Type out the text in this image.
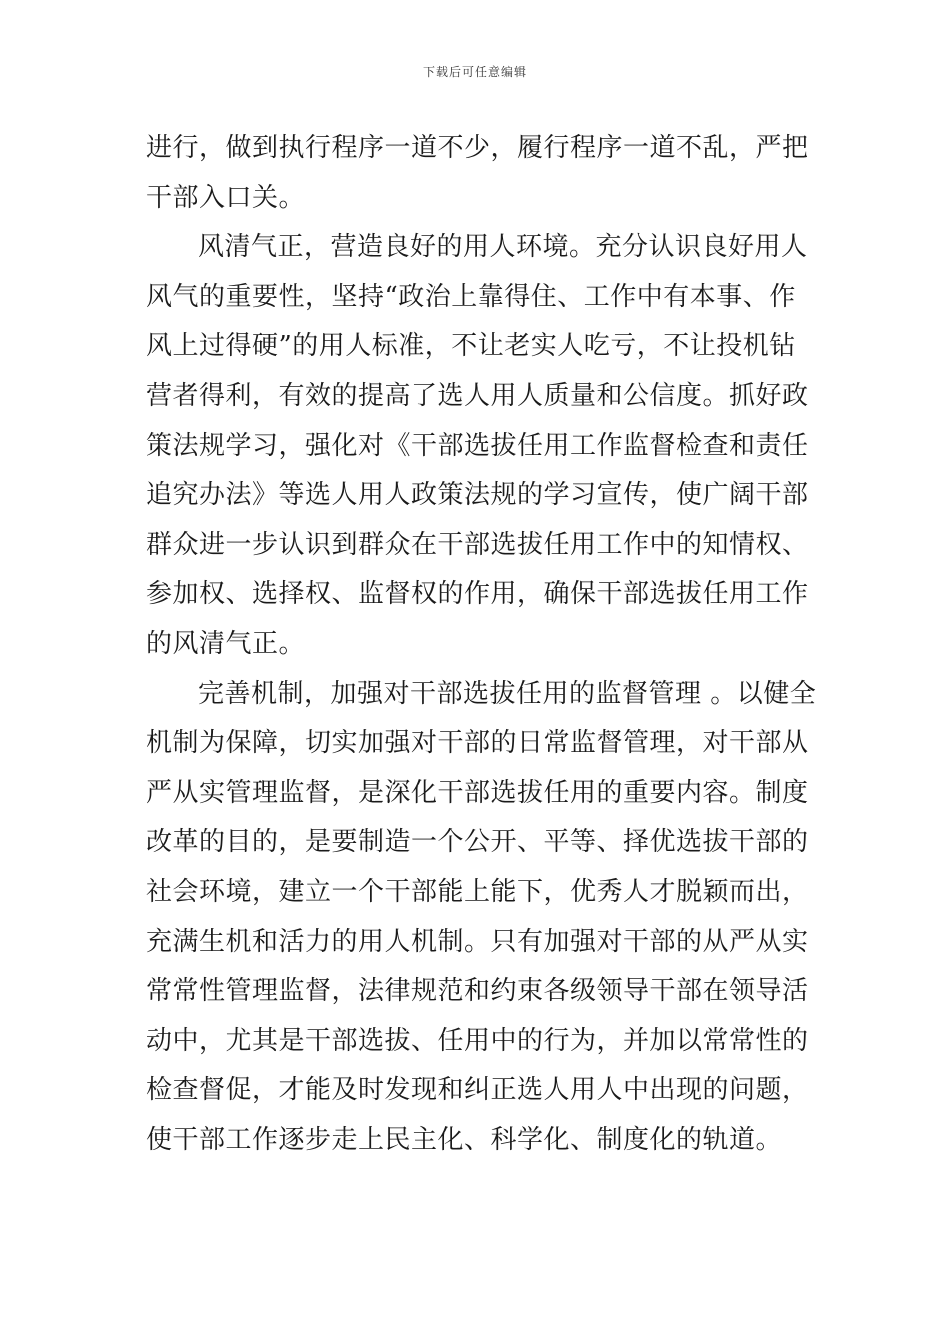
下载后可任意编辑
进行，做到执行程序一道不少，履行程序一道不乱，严把
干部入口关。
风清气正，营造良好的用人环境。充分认识良好用人
风气的重要性，坚持“政治上靠得住、工作中有本事、作
风上过得硬”的用人标准，不让老实人吃亏，不让投机钻
营者得利，有效的提高了选人用人质量和公信度。抓好政
策法规学习，强化对《干部选拔任用工作监督检查和责任
追究办法》等选人用人政策法规的学习宣传，使广阔干部
群众进一步认识到群众在干部选拔任用工作中的知情权、
参加权、选择权、监督权的作用，确保干部选拔任用工作
的风清气正。
完善机制，加强对干部选拔任用的监督管理 。以健全
机制为保障，切实加强对干部的日常监督管理，对干部从
严从实管理监督，是深化干部选拔任用的重要内容。制度
改革的目的，是要制造一个公开、平等、择优选拔干部的
社会环境，建立一个干部能上能下，优秀人才脱颖而出，
充满生机和活力的用人机制。只有加强对干部的从严从实
常常性管理监督，法律规范和约束各级领导干部在领导活
动中，尤其是干部选拔、任用中的行为，并加以常常性的
检查督促，才能及时发现和纠正选人用人中出现的问题，
使干部工作逐步走上民主化、科学化、制度化的轨道。
